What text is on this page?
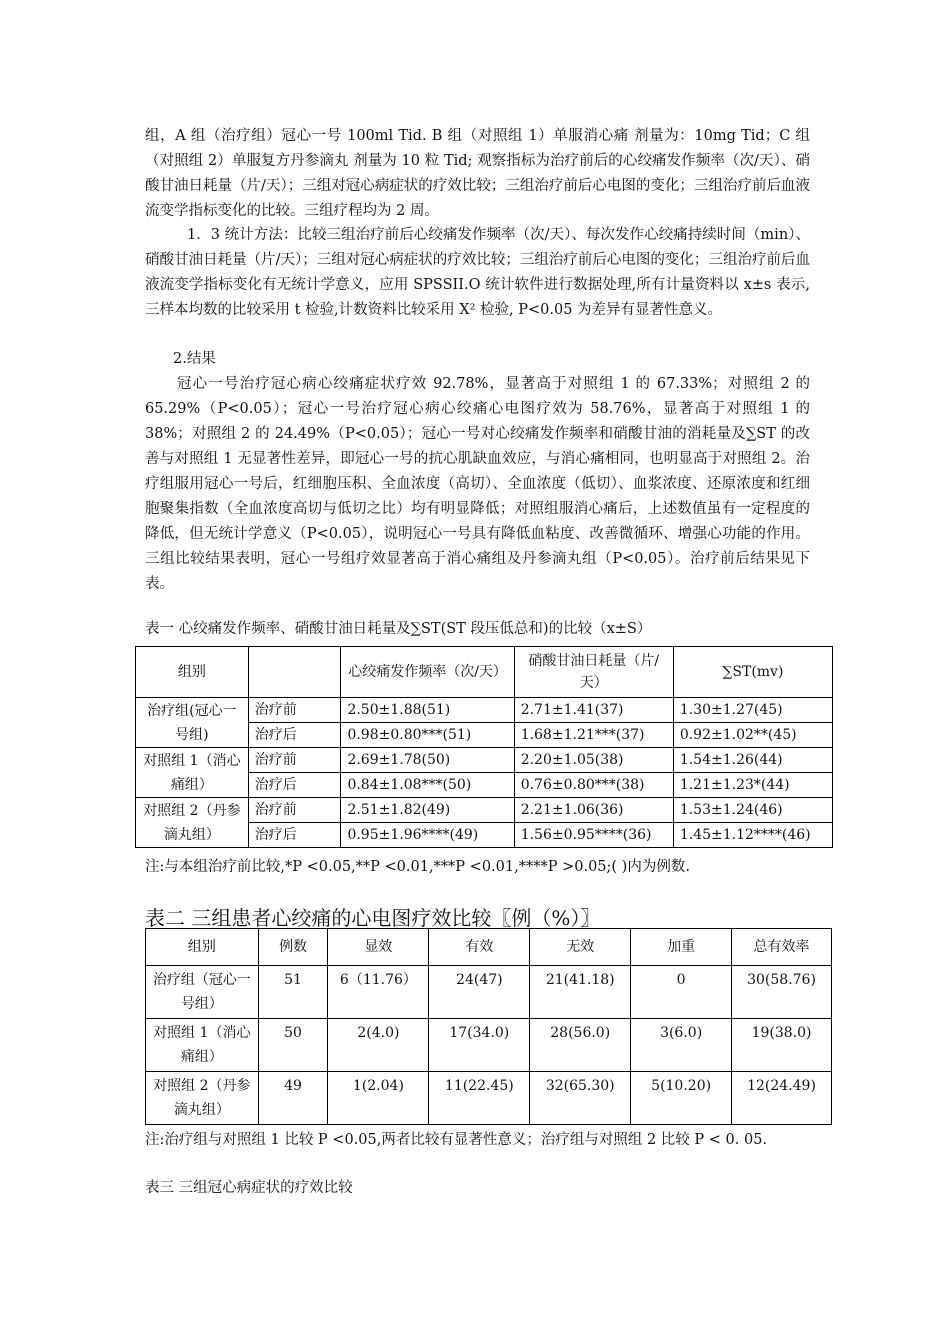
组，A 组（治疗组）冠心一号 100ml Tid. B 组（对照组 1）单服消心痛 剂量为：10mg Tid；C 组（对照组 2）单服复方丹参滴丸 剂量为 10 粒 Tid; 观察指标为治疗前后的心绞痛发作频率（次/天）、硝酸甘油日耗量（片/天）；三组对冠心病症状的疗效比较；三组治疗前后心电图的变化；三组治疗前后血液流变学指标变化的比较。三组疗程均为 2 周。

1．3 统计方法：比较三组治疗前后心绞痛发作频率（次/天）、每次发作心绞痛持续时间（min）、硝酸甘油日耗量（片/天）；三组对冠心病症状的疗效比较；三组治疗前后心电图的变化；三组治疗前后血液流变学指标变化有无统计学意义，应用 SPSSII.O 统计软件进行数据处理,所有计量资料以 x±s 表示,三样本均数的比较采用 t 检验,计数资料比较采用 X² 检验, P<0.05 为差异有显著性意义。

2.结果

冠心一号治疗冠心病心绞痛症状疗效 92.78%，显著高于对照组 1 的 67.33%；对照组 2 的 65.29%（P<0.05）；冠心一号治疗冠心病心绞痛心电图疗效为 58.76%，显著高于对照组 1 的 38%；对照组 2 的 24.49%（P<0.05）；冠心一号对心绞痛发作频率和硝酸甘油的消耗量及∑ST 的改善与对照组 1 无显著性差异，即冠心一号的抗心肌缺血效应，与消心痛相同，也明显高于对照组 2。治疗组服用冠心一号后，红细胞压积、全血浓度（高切）、全血浓度（低切）、血浆浓度、还原浓度和红细胞聚集指数（全血浓度高切与低切之比）均有明显降低；对照组服消心痛后，上述数值虽有一定程度的降低，但无统计学意义（P<0.05），说明冠心一号具有降低血粘度、改善微循环、增强心功能的作用。三组比较结果表明，冠心一号组疗效显著高于消心痛组及丹参滴丸组（P<0.05）。治疗前后结果见下表。

表一 心绞痛发作频率、硝酸甘油日耗量及∑ST(ST 段压低总和)的比较（x±S）

组别		心绞痛发作频率（次/天）	硝酸甘油日耗量（片/天）	∑ST(mv)
治疗组(冠心一号组)	治疗前	2.50±1.88(51)	2.71±1.41(37)	1.30±1.27(45)
	治疗后	0.98±0.80***(51)	1.68±1.21***(37)	0.92±1.02**(45)
对照组 1（消心痛组）	治疗前	2.69±1.78(50)	2.20±1.05(38)	1.54±1.26(44)
	治疗后	0.84±1.08***(50)	0.76±0.80***(38)	1.21±1.23*(44)
对照组 2（丹参滴丸组）	治疗前	2.51±1.82(49)	2.21±1.06(36)	1.53±1.24(46)
	治疗后	0.95±1.96****(49)	1.56±0.95****(36)	1.45±1.12****(46)

注:与本组治疗前比较,*P <0.05,**P <0.01,***P <0.01,****P >0.05;( )内为例数.

表二 三组患者心绞痛的心电图疗效比较〖例（%）〗

组别	例数	显效	有效	无效	加重	总有效率
治疗组（冠心一号组）	51	6（11.76）	24(47)	21(41.18)	0	30(58.76)
对照组 1（消心痛组）	50	2(4.0)	17(34.0)	28(56.0)	3(6.0)	19(38.0)
对照组 2（丹参滴丸组）	49	1(2.04)	11(22.45)	32(65.30)	5(10.20)	12(24.49)

注:治疗组与对照组 1 比较 P <0.05,两者比较有显著性意义；治疗组与对照组 2 比较 P < 0. 05.

表三 三组冠心病症状的疗效比较
